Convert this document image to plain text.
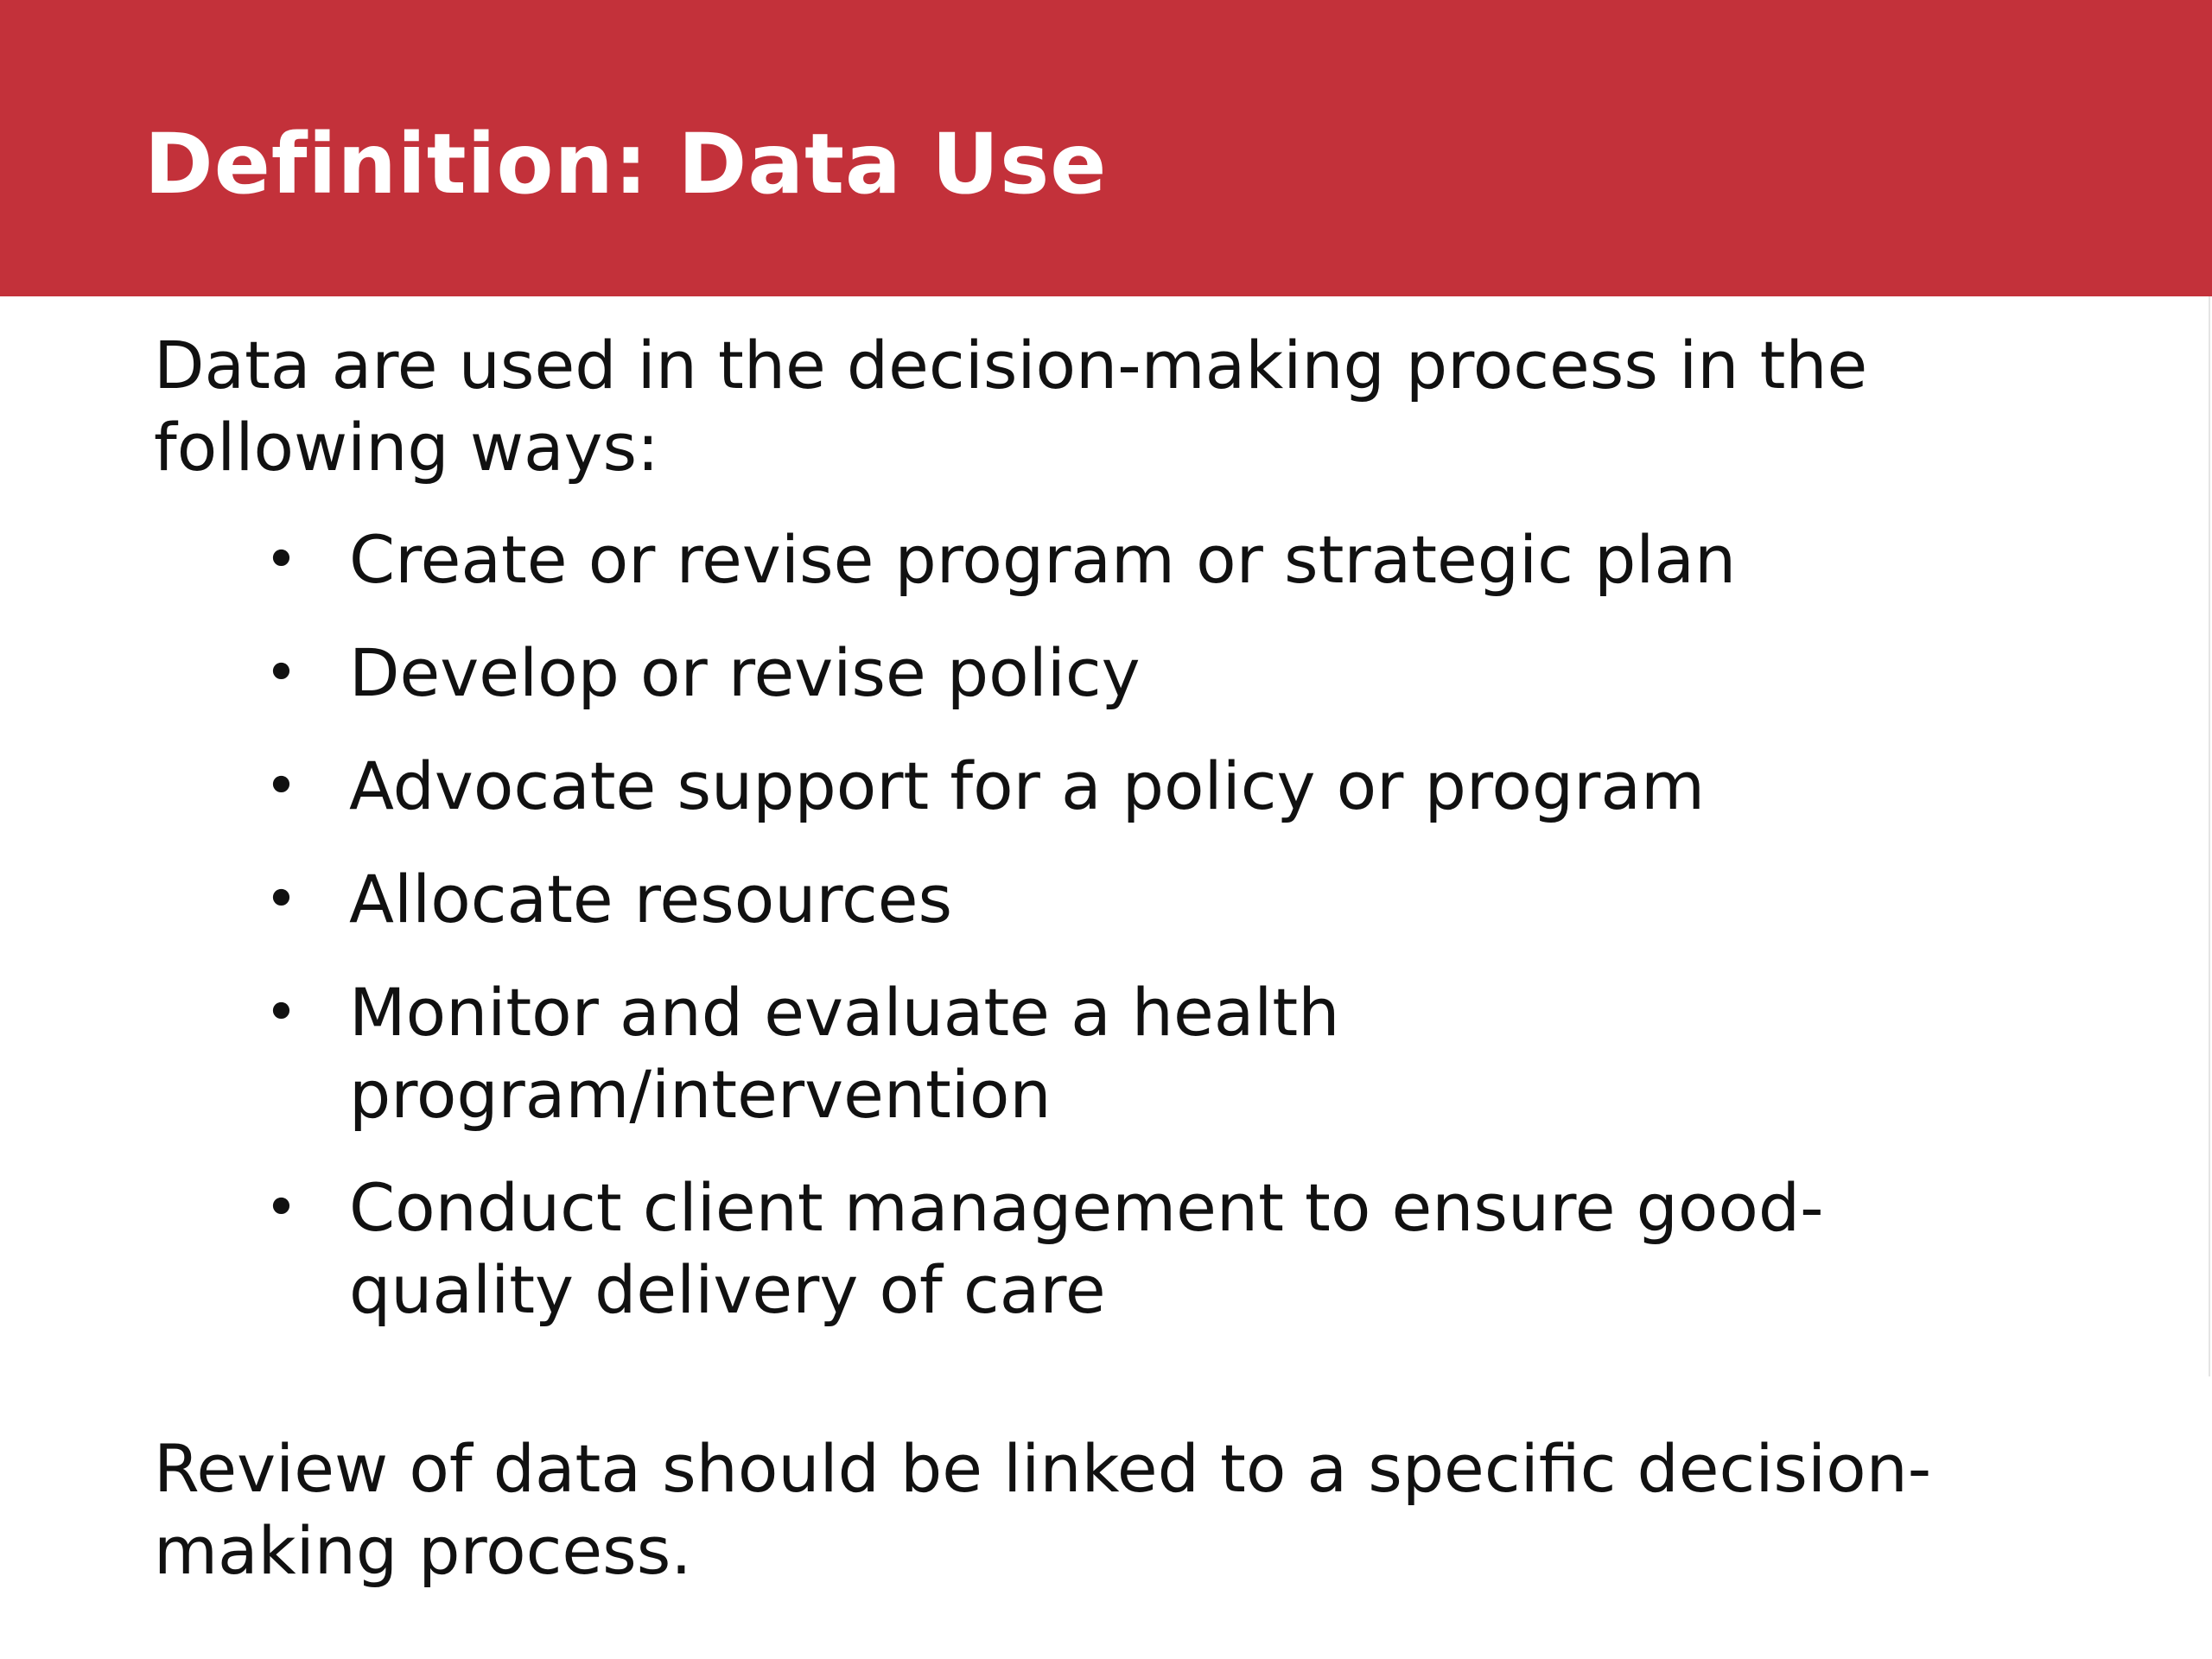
Definition: Data Use

Data are used in the decision-making process in the following ways:

• Create or revise program or strategic plan
• Develop or revise policy
• Advocate support for a policy or program
• Allocate resources
• Monitor and evaluate a health program/intervention
• Conduct client management to ensure good-quality delivery of care

Review of data should be linked to a specific decision-making process.
